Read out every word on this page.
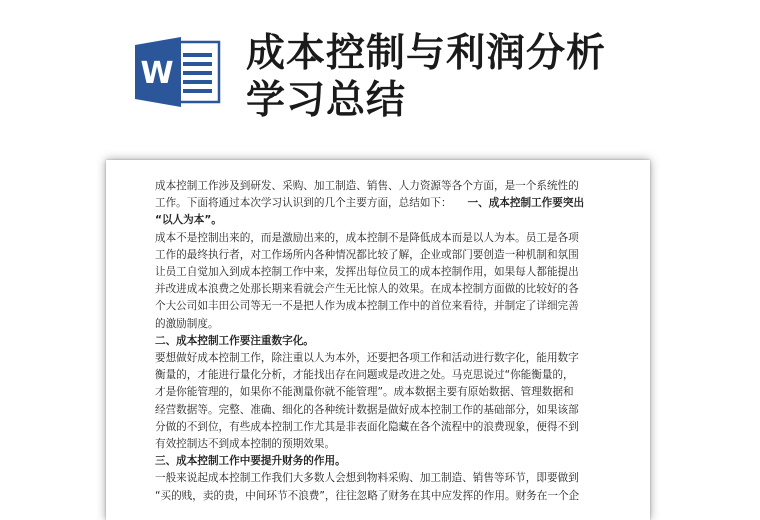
W 成本控制与利润分析
学习总结
成本控制工作涉及到研发、采购、加工制造、销售、人力资源等各个方面，是一个系统性的
工作。下面将通过本次学习认识到的几个主要方面，总结如下：   一、成本控制工作要突出
“以人为本”。
成本不是控制出来的，而是激励出来的，成本控制不是降低成本而是以人为本。员工是各项
工作的最终执行者，对工作场所内各种情况都比较了解，企业或部门要创造一种机制和氛围
让员工自觉加入到成本控制工作中来，发挥出每位员工的成本控制作用，如果每人都能提出
并改进成本浪费之处那长期来看就会产生无比惊人的效果。在成本控制方面做的比较好的各
个大公司如丰田公司等无一不是把人作为成本控制工作中的首位来看待，并制定了详细完善
的激励制度。
二、成本控制工作要注重数字化。
要想做好成本控制工作，除注重以人为本外，还要把各项工作和活动进行数字化，能用数字
衡量的，才能进行量化分析，才能找出存在问题或是改进之处。马克思说过“你能衡量的，
才是你能管理的，如果你不能测量你就不能管理”。成本数据主要有原始数据、管理数据和
经营数据等。完整、准确、细化的各种统计数据是做好成本控制工作的基础部分，如果该部
分做的不到位，有些成本控制工作尤其是非表面化隐藏在各个流程中的浪费现象，便得不到
有效控制达不到成本控制的预期效果。
三、成本控制工作中要提升财务的作用。
一般来说起成本控制工作我们大多数人会想到物料采购、加工制造、销售等环节，即要做到
“买的贱，卖的贵，中间环节不浪费”，往往忽略了财务在其中应发挥的作用。财务在一个企
